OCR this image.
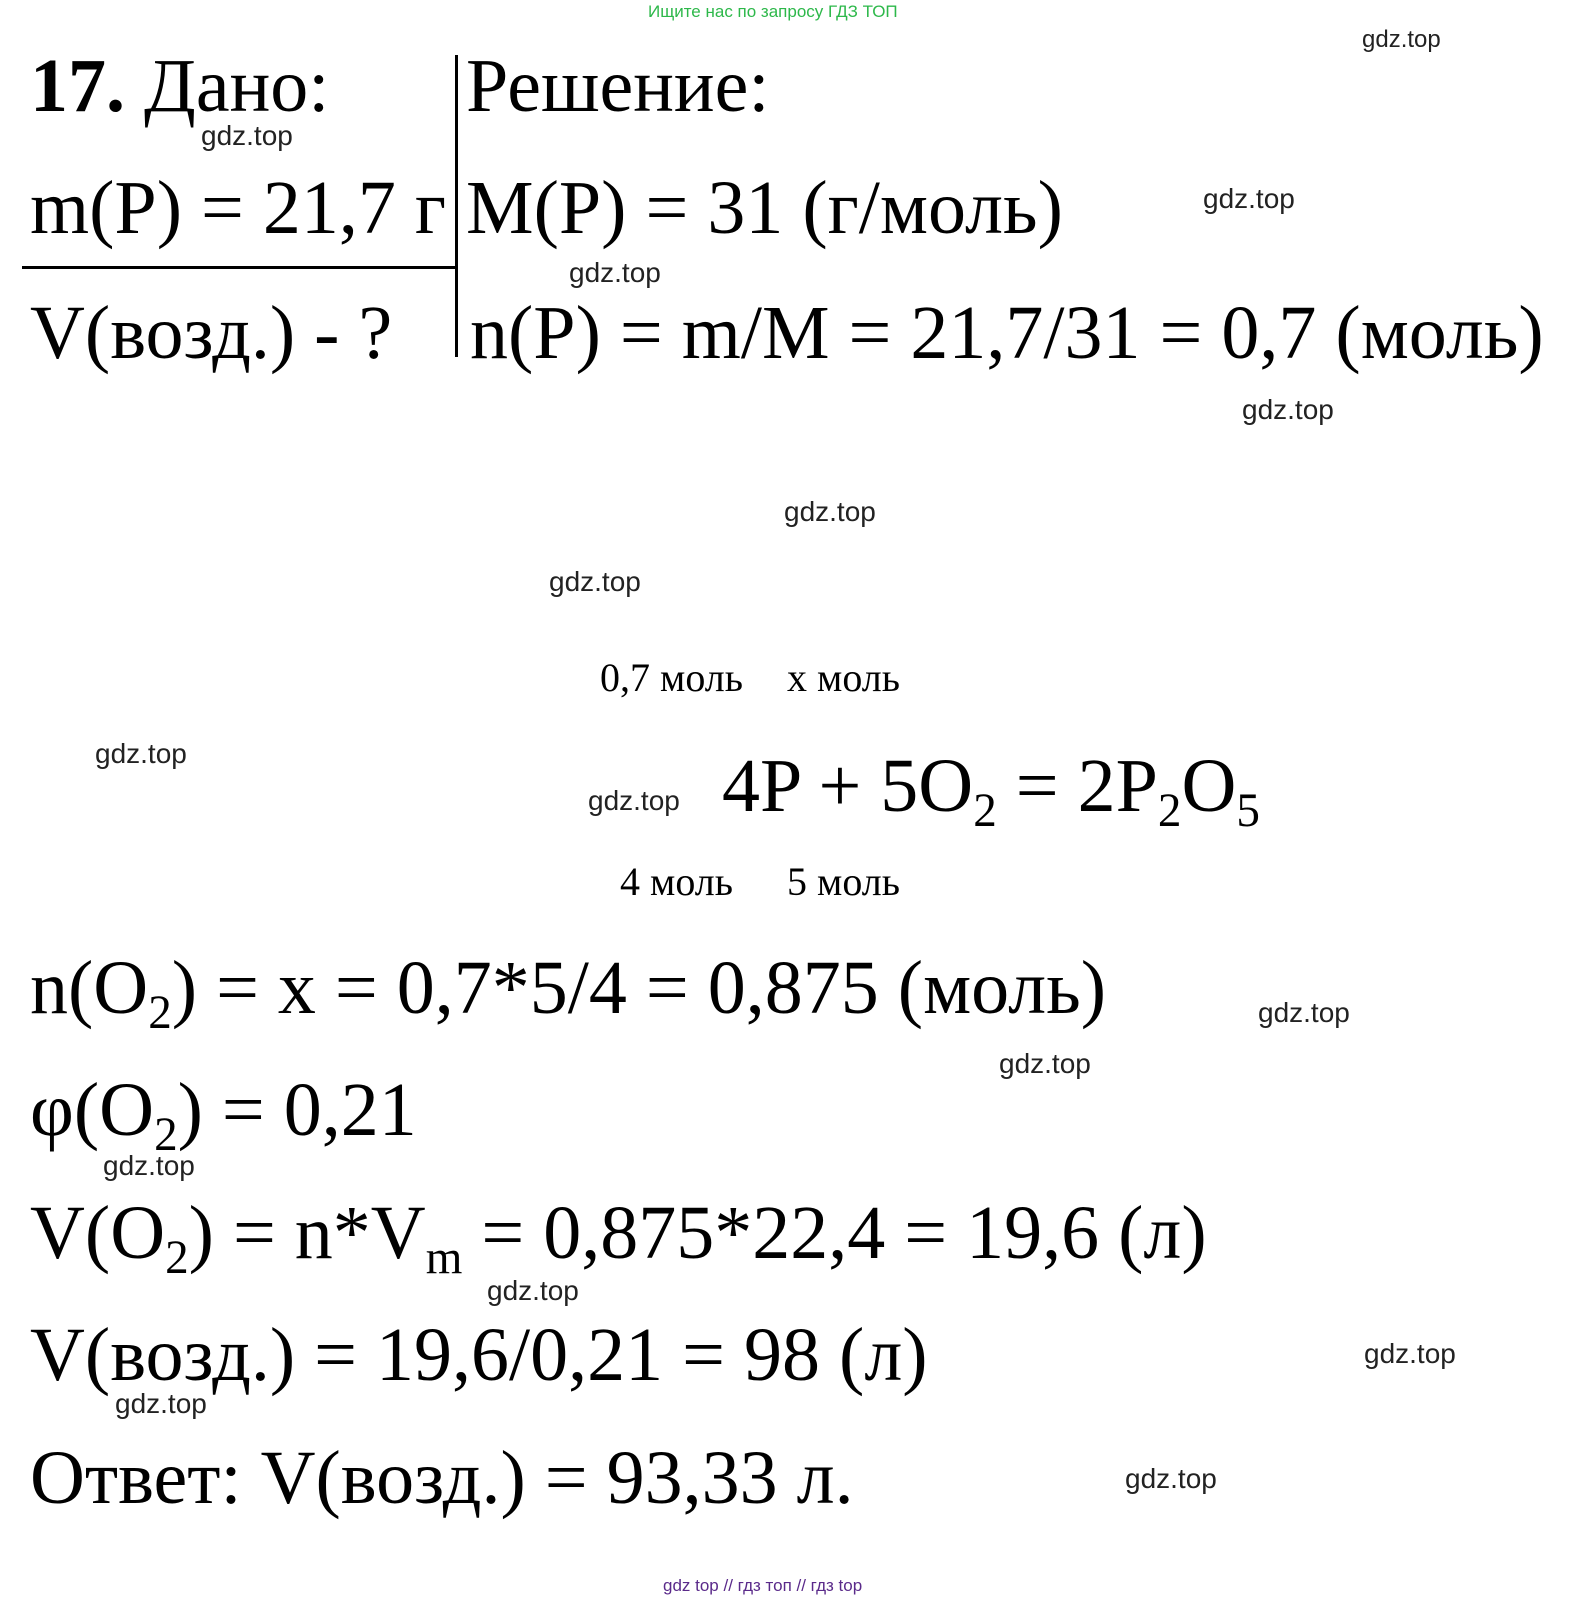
Ищите нас по запросу ГДЗ ТОП
17. Дано:
m(P) = 21,7 г
V(возд.) - ?
Решение:
M(P) = 31 (г/моль)
n(P) = m/M = 21,7/31 = 0,7 (моль)
0,7 моль x моль
4P + 5O2 = 2P2O5
4 моль 5 моль
n(O2) = x = 0,7*5/4 = 0,875 (моль)
φ(O2) = 0,21
V(O2) = n*Vm = 0,875*22,4 = 19,6 (л)
V(возд.) = 19,6/0,21 = 98 (л)
Ответ: V(возд.) = 93,33 л.
gdz.top
gdz.top
gdz.top
gdz.top
gdz.top
gdz.top
gdz.top
gdz.top
gdz.top
gdz.top
gdz.top
gdz.top
gdz.top
gdz.top
gdz.top
gdz.top
gdz top // гдз топ // гдз top
